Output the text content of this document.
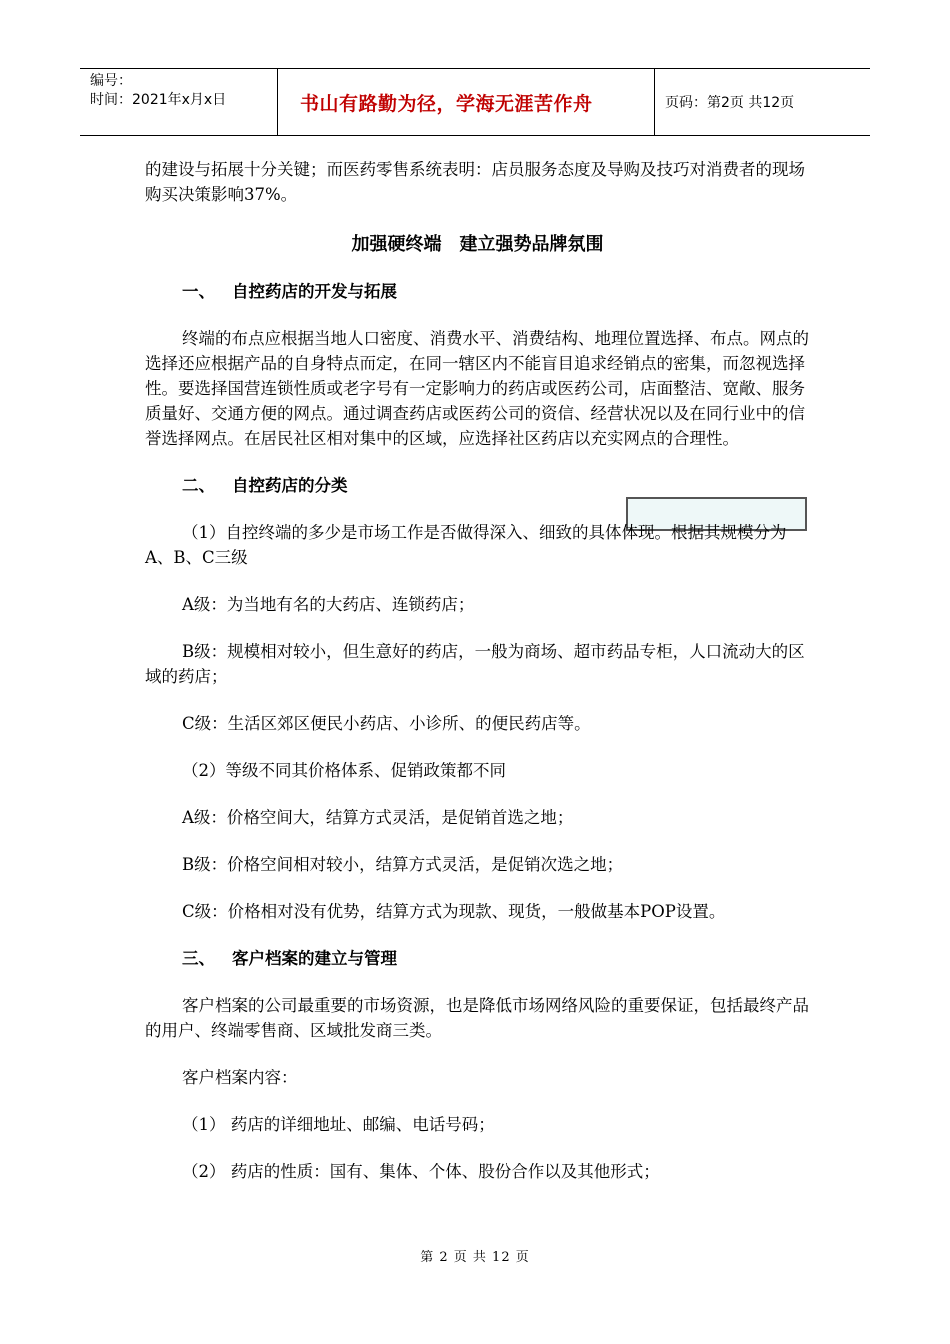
编号：
时间：2021年x月x日	书山有路勤为径，学海无涯苦作舟	页码：第2页 共12页

的建设与拓展十分关键；而医药零售系统表明：店员服务态度及导购及技巧对消费者的现场购买决策影响37%。

加强硬终端　建立强势品牌氛围
一、 自控药店的开发与拓展

终端的布点应根据当地人口密度、消费水平、消费结构、地理位置选择、布点。网点的选择还应根据产品的自身特点而定，在同一辖区内不能盲目追求经销点的密集，而忽视选择性。要选择国营连锁性质或老字号有一定影响力的药店或医药公司，店面整洁、宽敞、服务质量好、交通方便的网点。通过调查药店或医药公司的资信、经营状况以及在同行业中的信誉选择网点。在居民社区相对集中的区域，应选择社区药店以充实网点的合理性。

二、 自控药店的分类

（1）自控终端的多少是市场工作是否做得深入、细致的具体体现。根据其规模分为A、B、C三级

A级：为当地有名的大药店、连锁药店；

B级：规模相对较小，但生意好的药店，一般为商场、超市药品专柜，人口流动大的区域的药店；

C级：生活区郊区便民小药店、小诊所、的便民药店等。

（2）等级不同其价格体系、促销政策都不同

A级：价格空间大，结算方式灵活，是促销首选之地；

B级：价格空间相对较小，结算方式灵活，是促销次选之地；

C级：价格相对没有优势，结算方式为现款、现货，一般做基本POP设置。

三、 客户档案的建立与管理

客户档案的公司最重要的市场资源，也是降低市场网络风险的重要保证，包括最终产品的用户、终端零售商、区域批发商三类。

客户档案内容：

（1） 药店的详细地址、邮编、电话号码；

（2） 药店的性质：国有、集体、个体、股份合作以及其他形式；

第 2 页 共 12 页
